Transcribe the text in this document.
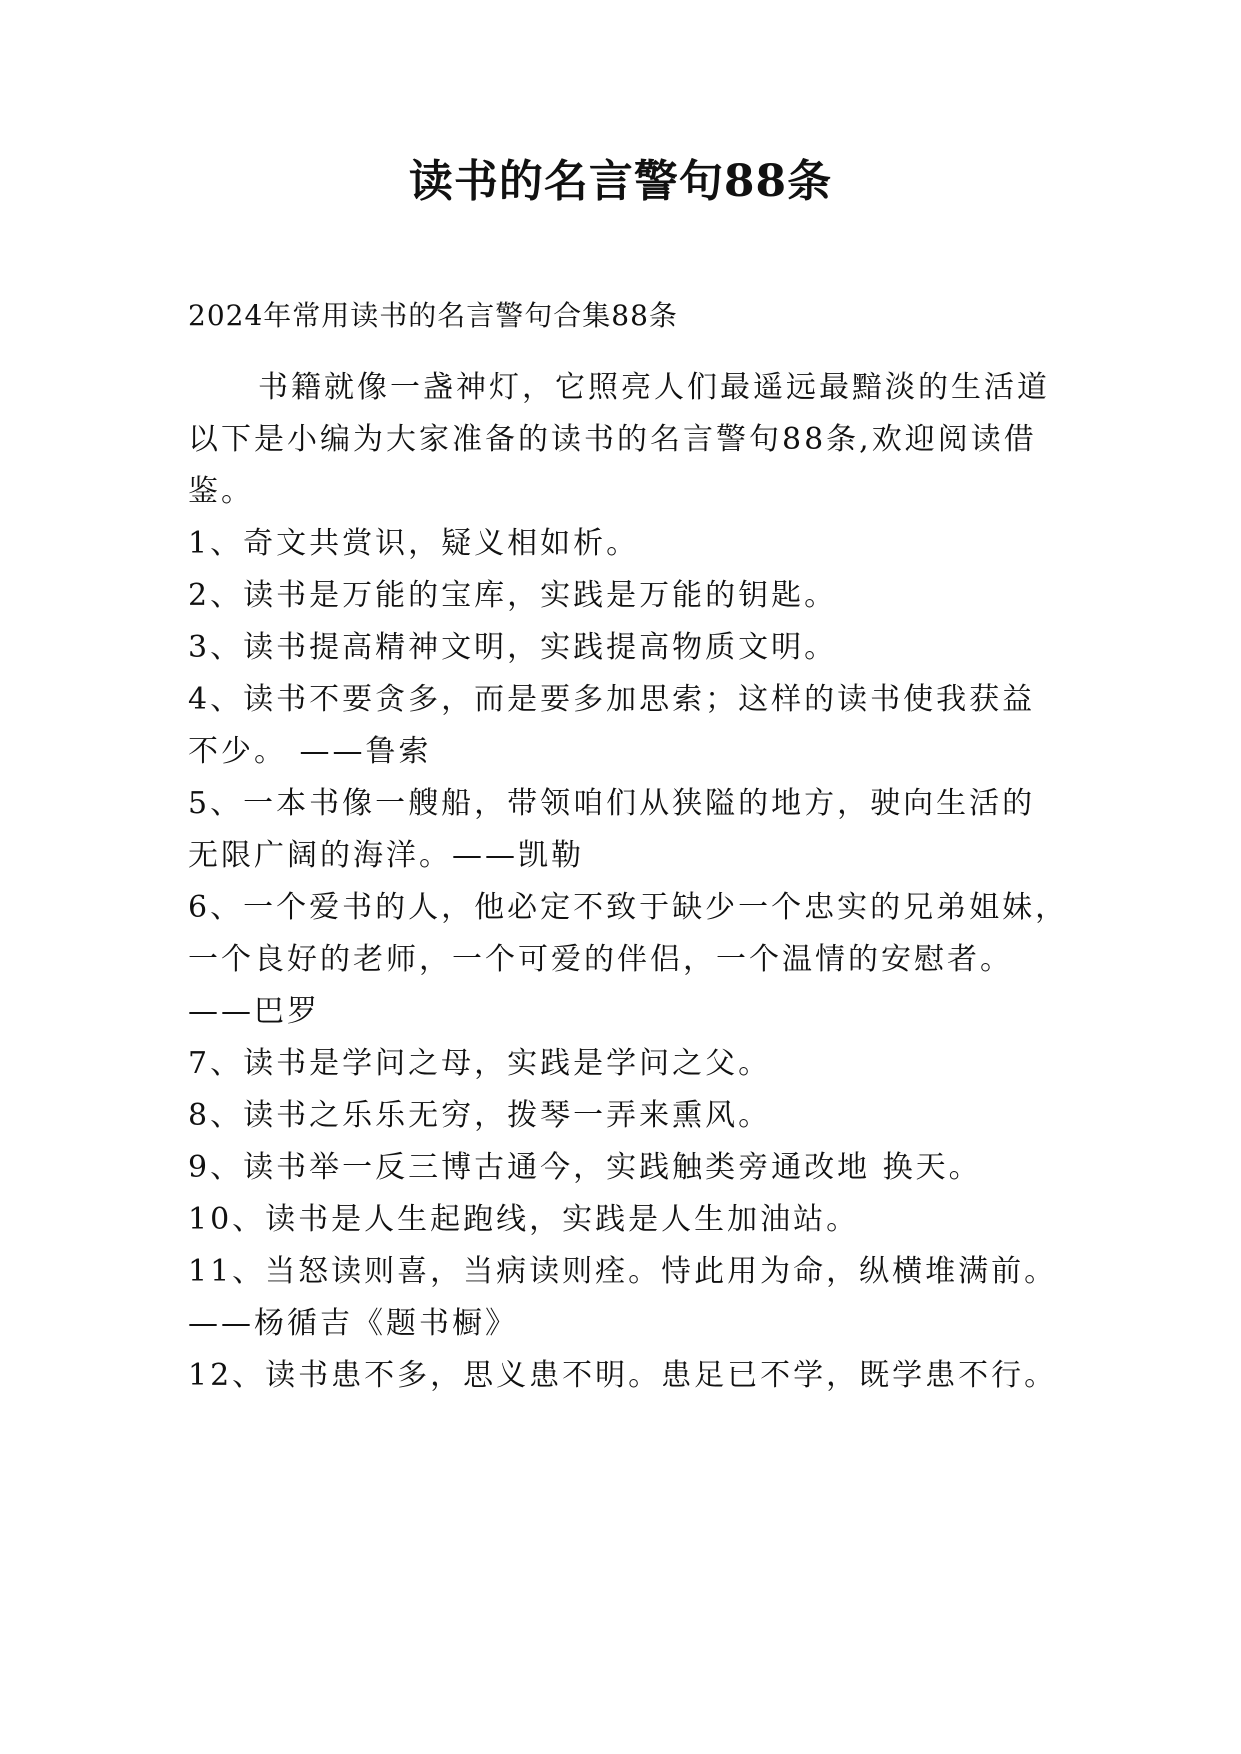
读书的名言警句88条
2024年常用读书的名言警句合集88条
书籍就像一盏神灯，它照亮人们最遥远最黯淡的生活道
以下是小编为大家准备的读书的名言警句88条,欢迎阅读借
鉴。
1、奇文共赏识，疑义相如析。
2、读书是万能的宝库，实践是万能的钥匙。
3、读书提高精神文明，实践提高物质文明。
4、读书不要贪多，而是要多加思索；这样的读书使我获益
不少。 ——鲁索
5、一本书像一艘船，带领咱们从狭隘的地方，驶向生活的
无限广阔的海洋。——凯勒
6、一个爱书的人，他必定不致于缺少一个忠实的兄弟姐妹，
一个良好的老师，一个可爱的伴侣，一个温情的安慰者。
——巴罗
7、读书是学问之母，实践是学问之父。
8、读书之乐乐无穷，拨琴一弄来熏风。
9、读书举一反三博古通今，实践触类旁通改地 换天。
10、读书是人生起跑线，实践是人生加油站。
11、当怒读则喜，当病读则痊。恃此用为命，纵横堆满前。
——杨循吉《题书橱》
12、读书患不多，思义患不明。患足已不学，既学患不行。
